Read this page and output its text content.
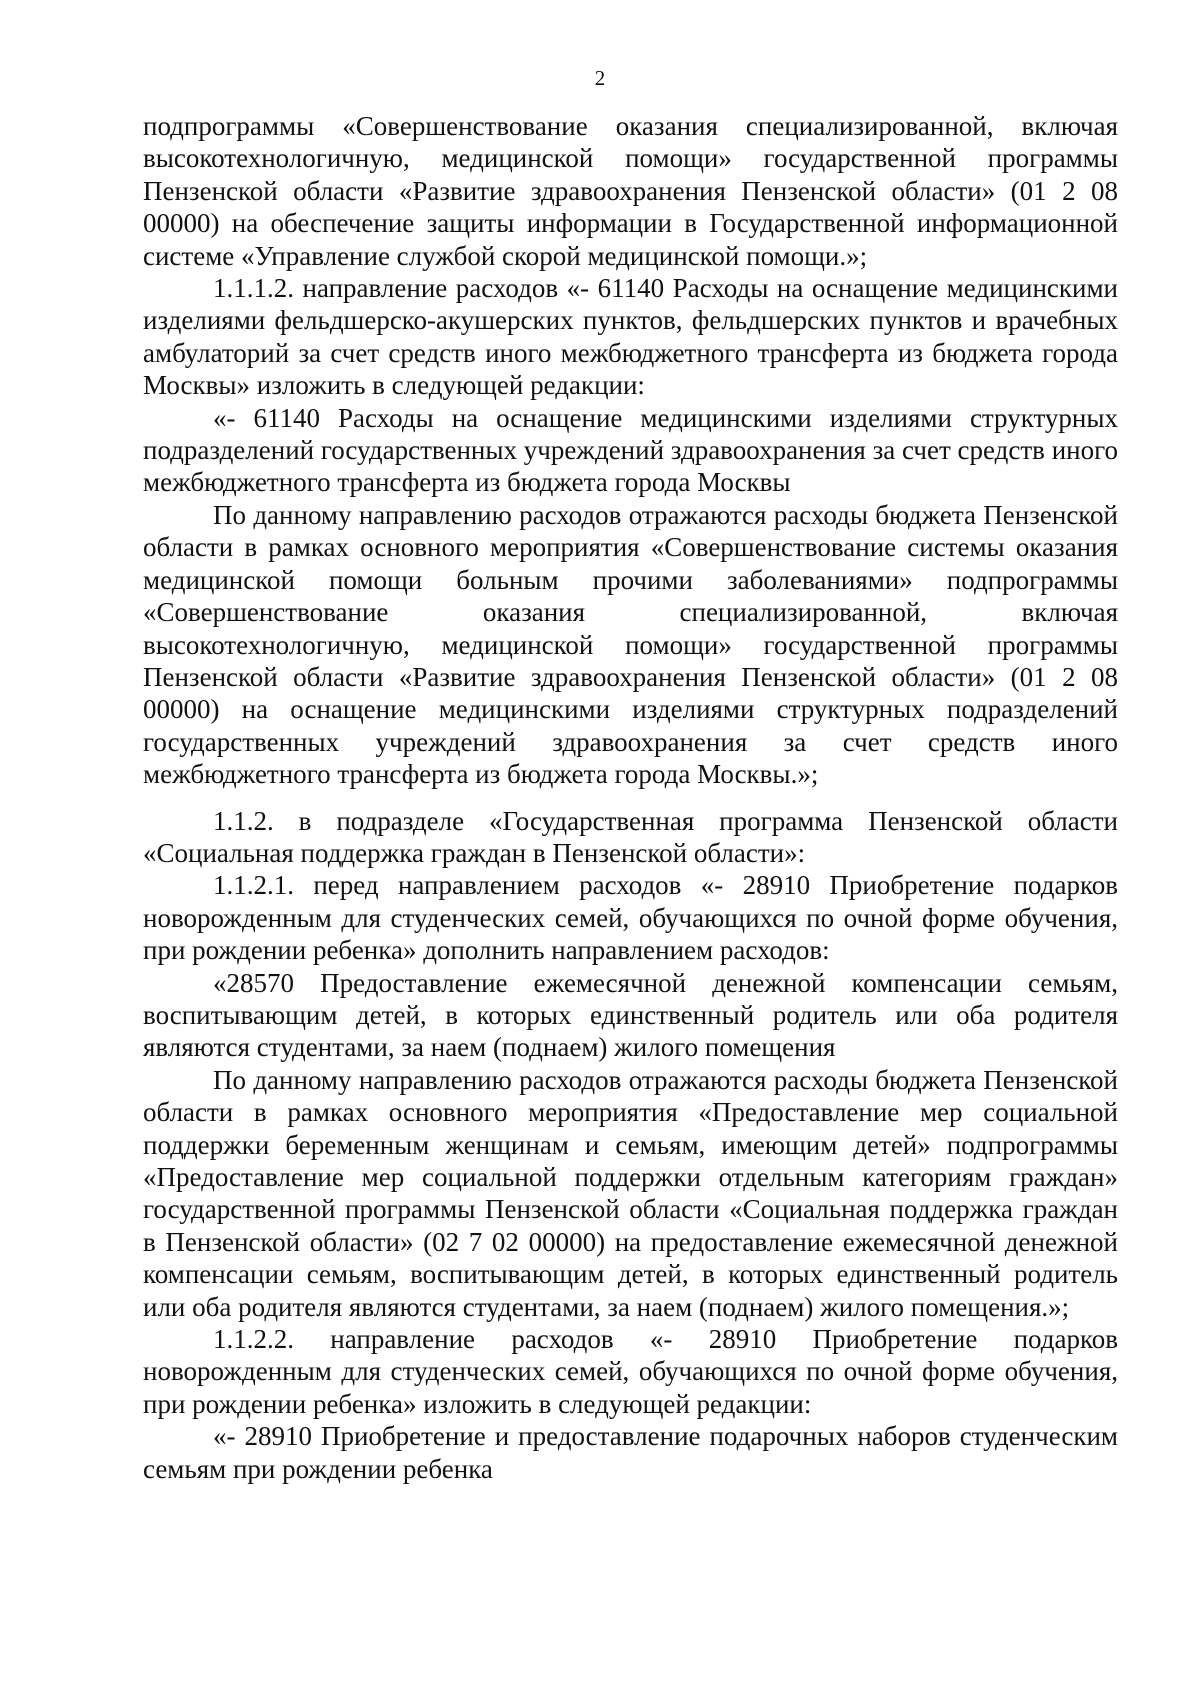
2

подпрограммы «Совершенствование оказания специализированной, включая высокотехнологичную, медицинской помощи» государственной программы Пензенской области «Развитие здравоохранения Пензенской области» (01 2 08 00000) на обеспечение защиты информации в Государственной информационной системе «Управление службой скорой медицинской помощи.»;

1.1.1.2. направление расходов «- 61140 Расходы на оснащение медицинскими изделиями фельдшерско-акушерских пунктов, фельдшерских пунктов и врачебных амбулаторий за счет средств иного межбюджетного трансферта из бюджета города Москвы» изложить в следующей редакции:

«- 61140 Расходы на оснащение медицинскими изделиями структурных подразделений государственных учреждений здравоохранения за счет средств иного межбюджетного трансферта из бюджета города Москвы

По данному направлению расходов отражаются расходы бюджета Пензенской области в рамках основного мероприятия «Совершенствование системы оказания медицинской помощи больным прочими заболеваниями» подпрограммы «Совершенствование оказания специализированной, включая высокотехнологичную, медицинской помощи» государственной программы Пензенской области «Развитие здравоохранения Пензенской области» (01 2 08 00000) на оснащение медицинскими изделиями структурных подразделений государственных учреждений здравоохранения за счет средств иного межбюджетного трансферта из бюджета города Москвы.»;

1.1.2. в подразделе «Государственная программа Пензенской области «Социальная поддержка граждан в Пензенской области»:

1.1.2.1. перед направлением расходов «- 28910 Приобретение подарков новорожденным для студенческих семей, обучающихся по очной форме обучения, при рождении ребенка» дополнить направлением расходов:

«28570 Предоставление ежемесячной денежной компенсации семьям, воспитывающим детей, в которых единственный родитель или оба родителя являются студентами, за наем (поднаем) жилого помещения

По данному направлению расходов отражаются расходы бюджета Пензенской области в рамках основного мероприятия «Предоставление мер социальной поддержки беременным женщинам и семьям, имеющим детей» подпрограммы «Предоставление мер социальной поддержки отдельным категориям граждан» государственной программы Пензенской области «Социальная поддержка граждан в Пензенской области» (02 7 02 00000) на предоставление ежемесячной денежной компенсации семьям, воспитывающим детей, в которых единственный родитель или оба родителя являются студентами, за наем (поднаем) жилого помещения.»;

1.1.2.2. направление расходов «- 28910 Приобретение подарков новорожденным для студенческих семей, обучающихся по очной форме обучения, при рождении ребенка» изложить в следующей редакции:

«- 28910 Приобретение и предоставление подарочных наборов студенческим семьям при рождении ребенка
